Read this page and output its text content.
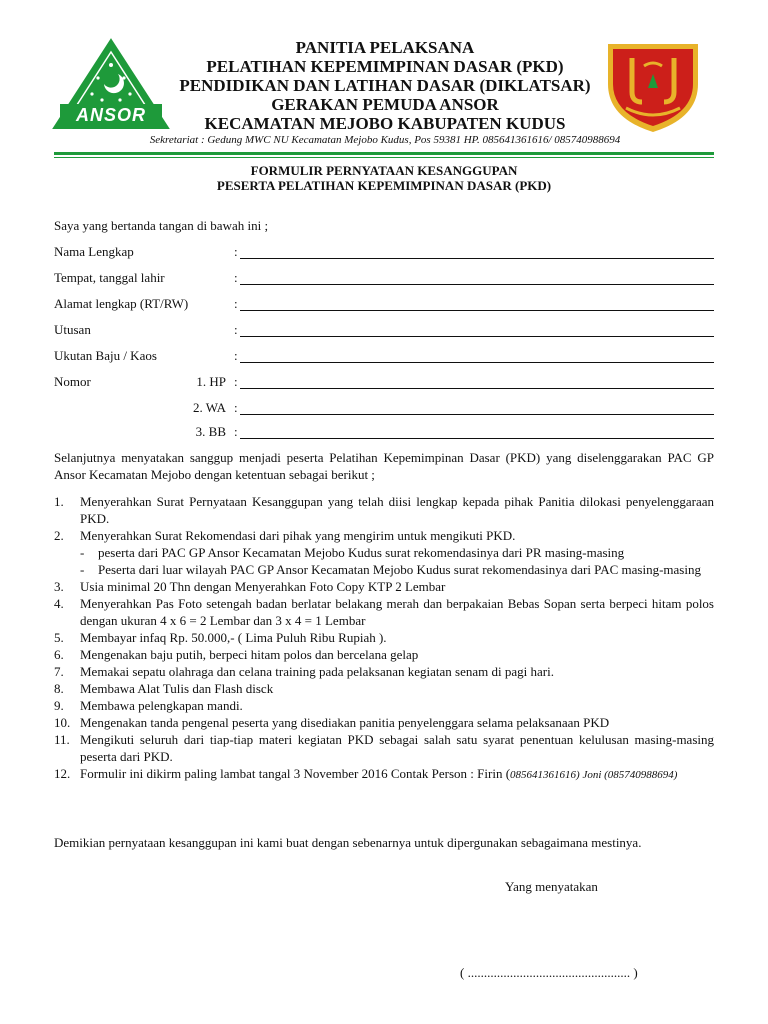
ANSOR
PANITIA PELAKSANA
PELATIHAN KEPEMIMPINAN DASAR (PKD)
PENDIDIKAN DAN LATIHAN DASAR (DIKLATSAR)
GERAKAN PEMUDA ANSOR
KECAMATAN MEJOBO KABUPATEN KUDUS
Sekretariat : Gedung MWC NU Kecamatan Mejobo Kudus, Pos 59381 HP. 085641361616/ 085740988694
FORMULIR PERNYATAAN KESANGGUPAN
PESERTA PELATIHAN KEPEMIMPINAN DASAR (PKD)
Saya yang bertanda tangan di bawah ini ;
Nama Lengkap	:
Tempat, tanggal lahir	:
Alamat lengkap (RT/RW)	:
Utusan	:
Ukutan Baju / Kaos	:
Nomor	1. HP :
2. WA :
3. BB :
Selanjutnya menyatakan sanggup menjadi peserta Pelatihan Kepemimpinan Dasar (PKD) yang diselenggarakan PAC GP Ansor Kecamatan Mejobo dengan ketentuan sebagai berikut ;
1.	Menyerahkan Surat Pernyataan Kesanggupan yang telah diisi lengkap kepada pihak Panitia dilokasi penyelenggaraan PKD.
2.	Menyerahkan Surat Rekomendasi dari pihak yang mengirim untuk mengikuti PKD.
-	peserta dari PAC GP Ansor Kecamatan Mejobo Kudus surat rekomendasinya dari PR masing-masing
-	Peserta dari luar wilayah PAC GP Ansor Kecamatan Mejobo Kudus surat rekomendasinya dari PAC masing-masing
3.	Usia minimal 20 Thn dengan Menyerahkan Foto Copy KTP 2 Lembar
4.	Menyerahkan Pas Foto setengah badan berlatar belakang merah dan berpakaian Bebas Sopan serta berpeci hitam polos dengan ukuran 4 x 6 = 2 Lembar dan 3 x 4 = 1 Lembar
5.	Membayar infaq Rp. 50.000,- ( Lima Puluh Ribu Rupiah ).
6.	Mengenakan baju putih, berpeci hitam polos dan bercelana gelap
7.	Memakai sepatu olahraga dan celana training pada pelaksanan kegiatan senam di pagi hari.
8.	Membawa Alat Tulis dan Flash disck
9.	Membawa pelengkapan mandi.
10. Mengenakan tanda pengenal peserta yang disediakan panitia penyelenggara selama pelaksanaan PKD
11. Mengikuti seluruh dari tiap-tiap materi kegiatan PKD sebagai salah satu syarat penentuan kelulusan masing-masing peserta dari PKD.
12. Formulir ini dikirm paling lambat tangal 3 November 2016 Contak Person : Firin (085641361616) Joni (085740988694)
Demikian pernyataan kesanggupan ini kami buat dengan sebenarnya untuk dipergunakan sebagaimana mestinya.
Yang menyatakan
( .................................................. )
